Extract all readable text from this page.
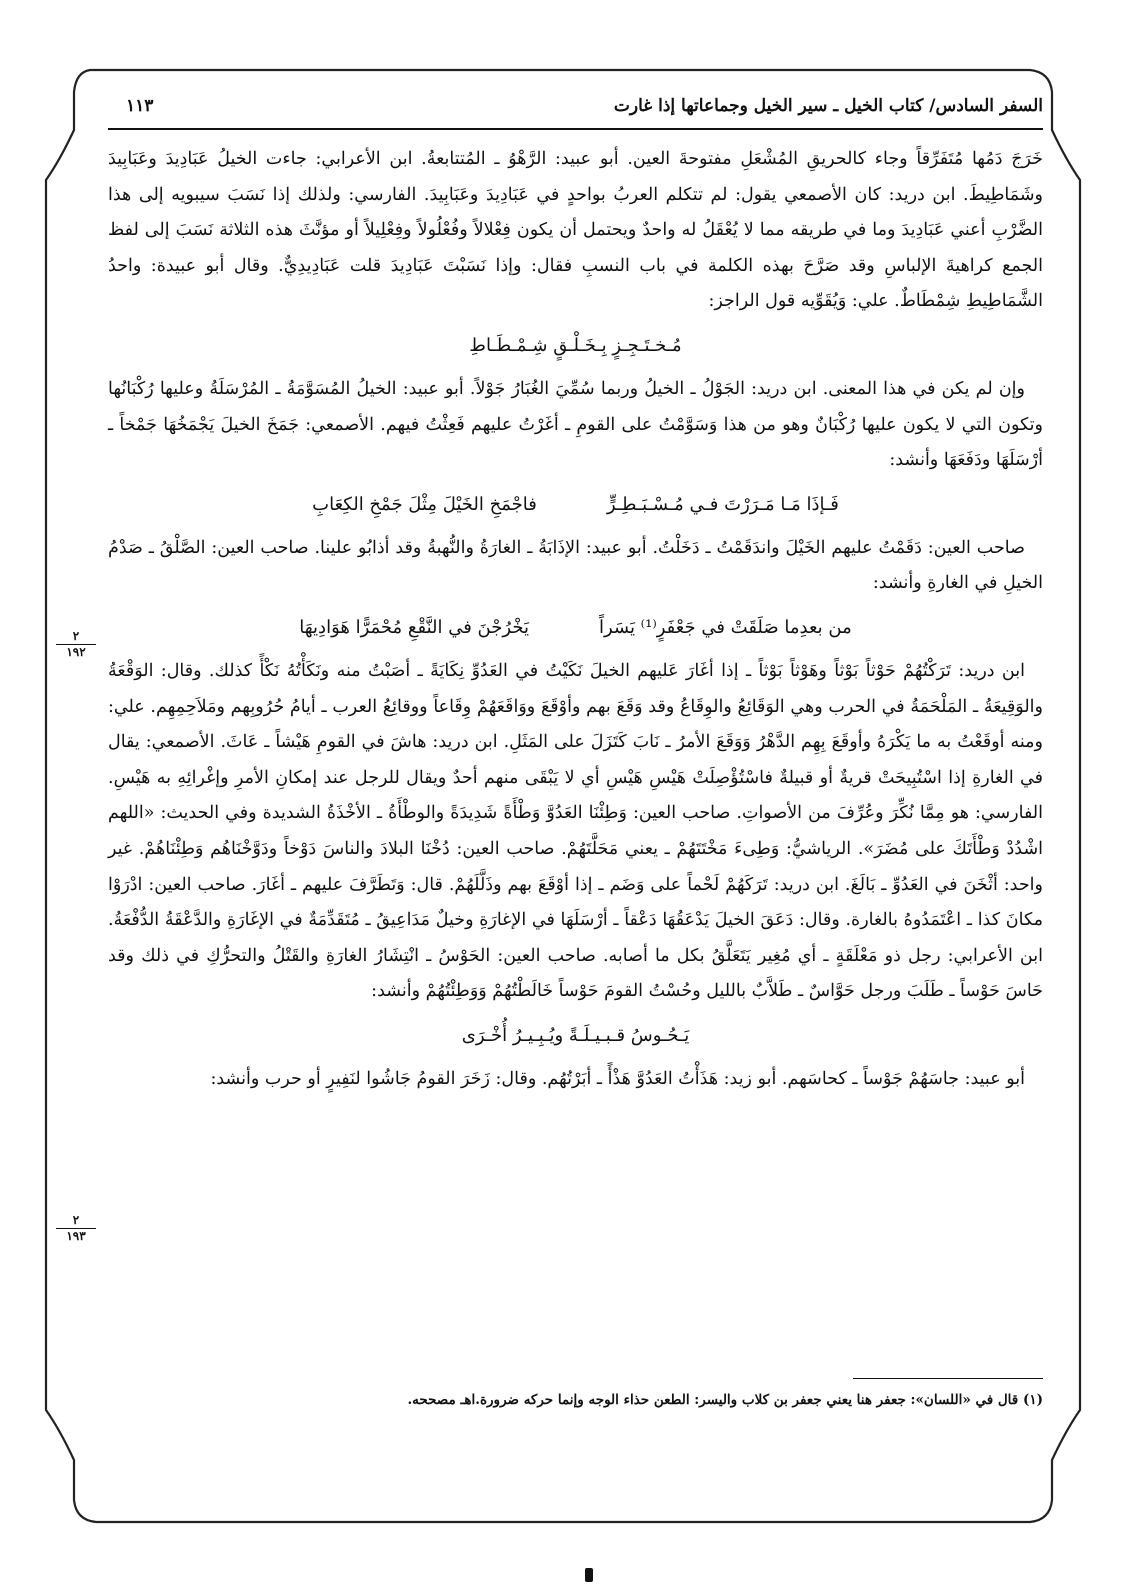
السفر السادس/ كتاب الخيل ـ سير الخيل وجماعاتها إذا غارت
١١٣

خَرَجَ دَمُها مُتَفَرِّقاً وجاء كالحريقِ المُشْعَلِ مفتوحةَ العين. أبو عبيد: الرَّهْوُ ـ المُتتابعةُ. ابن الأعرابي: جاءت الخيلُ عَبَادِيدَ وعَبَابِيدَ وشَمَاطِيطَ. ابن دريد: كان الأصمعي يقول: لم تتكلم العربُ بواحدٍ في عَبَادِيدَ وعَبَابِيدَ. الفارسي: ولذلك إذا نَسَبَ سيبويه إلى هذا الضَّرْبِ أعني عَبَادِيدَ وما في طريقه مما لا يُعْقَلُ له واحدٌ ويحتمل أن يكون فِعْلالاً وفُعْلُولاً وفِعْلِيلاً أو مؤنَّثَ هذه الثلاثة نَسَبَ إلى لفظ الجمع كراهيةَ الإلباسِ وقد صَرَّحَ بهذه الكلمة في باب النسبِ فقال: وإذا نَسَبْتَ عَبَادِيدَ قلت عَبَادِيدِيٌّ. وقال أبو عبيدة: واحدُ الشَّمَاطِيطِ شِمْطَاطٌ. علي: وَيُقَوِّيه قول الراجز:

مُـخـتَـجِـزٍ بِـخَـلْـقٍ شِـمْـطَـاطِ

وإن لم يكن في هذا المعنى. ابن دريد: الجَوْلُ ـ الخيلُ وربما سُمِّيَ الغُبَارُ جَوْلاً. أبو عبيد: الخيلُ المُسَوَّمَةُ ـ المُرْسَلَةُ وعليها رُكْبَانُها وتكون التي لا يكون عليها رُكْبَانٌ وهو من هذا وَسَوَّمْتُ على القومِ ـ أغَرْتُ عليهم فَعِثْتُ فيهم. الأصمعي: جَمَخَ الخيلَ يَجْمَخُهَا جَمْخاً ـ أرْسَلَهَا ودَفَعَهَا وأنشد:

فَـإذَا مَـا مَـرَرْتَ فـي مُـسْـبَـطِـرٍّ
فاجْمَخِ الخَيْلَ مِثْلَ جَمْخِ الكِعَابِ

صاحب العين: دَقَمْتُ عليهم الخَيْلَ واندَقَمْتُ ـ دَخَلْتُ. أبو عبيد: الإذَابَةُ ـ الغارَةُ والنُّهبةُ وقد أذابُو علينا. صاحب العين: الصَّلْقُ ـ صَدْمُ الخيلِ في الغارةِ وأنشد:

من بعدِما صَلَقَتْ في جَعْفَرٍ⁽¹⁾ يَسَراً
يَخْرُجْنَ في النَّقْعِ مُحْمَرًّا هَوَادِيهَا

ابن دريد: تَرَكْتُهُمْ حَوْثاً بَوْثاً وهَوْثاً بَوْثاً ـ إذا أغَارَ عَليهم الخيلَ نَكَيْتُ في العَدُوِّ نِكَايَةً ـ أصَبْتُ منه ونَكَأْتُهُ نَكْأً كذلك. وقال: الوَقْعَةُ والوَقِيعَةُ ـ المَلْحَمَةُ في الحرب وهي الوَقَائِعُ والوِقَاعُ وقد وَقَعَ بهم وأوْقَعَ ووَاقَعَهُمْ وِقَاعاً ووقائِعُ العرب ـ أيامُ حُرُوبِهم ومَلاَحِمِهِم. علي: ومنه أوقَعْتُ به ما يَكْرَهُ وأوقَعَ بِهِم الدَّهْرُ وَوَقَعَ الأمرُ ـ نَابَ كَتَزَلَ على المَثَلِ. ابن دريد: هاشَ في القومِ هَيْشاً ـ عَاثَ. الأصمعي: يقال في الغارةِ إذا اسْتُبِيحَتْ قريةٌ أو قبيلةٌ فاسْتُؤْصِلَتْ هَيْسِ هَيْسِ أي لا يَبْقَى منهم أحدٌ ويقال للرجل عند إمكانِ الأمرِ وإغْرائِهِ به هَيْسِ. الفارسي: هو مِمَّا نُكِّرَ وعُرِّفَ من الأصواتِ. صاحب العين: وَطِئْنَا العَدُوَّ وَطْأَةً شَدِيدَةً والوطْأَةُ ـ الأخْذَةُ الشديدة وفي الحديث: «اللهم اشْدُدْ وَطْأَتَكَ على مُضَرَ». الرياشيُّ: وَطِىءَ مَخْتَتَهُمْ ـ يعني مَحَلَّتَهُمْ. صاحب العين: دُخْنَا البلادَ والناسَ دَوْخاً ودَوَّخْنَاهُم وَطِئْنَاهُمْ. غير واحد: أثْخَنَ في العَدُوِّ ـ بَالَغَ. ابن دريد: تَرَكَهُمْ لَحْماً على وَضَم ـ إذا أوْقَعَ بهم وذَلَّلَهُمْ. قال: وَتَطَرَّفَ عليهم ـ أغَارَ. صاحب العين: ادْرَوْا مكانَ كذا ـ اعْتَمَدُوهُ بالغارة. وقال: دَعَقَ الخيلَ يَدْعَقُهَا دَعْقاً ـ أرْسَلَهَا في الإغارَةِ وخيلٌ مَدَاعِيقُ ـ مُتَقَدِّمَةٌ في الإغَارَةِ والدَّعْقَةُ الدُّفْعَةُ. ابن الأعرابي: رجل ذو مَعْلَقَةٍ ـ أي مُغِير يَتَعَلَّقُ بكل ما أصابه. صاحب العين: الحَوْسُ ـ انْتِشَارُ الغارَةِ والقَتْلُ والتحرُّكِ في ذلك وقد حَاسَ حَوْساً ـ طَلَبَ ورجل حَوَّاسٌ ـ طَلاَّبٌ بالليل وحُسْتُ القومَ حَوْساً خَالَطْتُهُمْ وَوَطِئْتُهُمْ وأنشد:

يَـحُـوسُ قـبـيـلَـةً ويُـبِـيـرُ أُخْـرَى

أبو عبيد: جاسَهُمْ جَوْساً ـ كحاسَهم. أبو زيد: هَذَأْتُ العَدُوَّ هَذْأً ـ أبَرْتُهُم. وقال: زَخَرَ القومُ جَاشُوا لنَفِيرٍ أو حرب وأنشد:

٢
١٩٢
٢
١٩٣
(١) قال في «اللسان»: جعفر هنا يعني جعفر بن كلاب واليسر: الطعن حذاء الوجه وإنما حركه ضرورة.اهـ مصححه.
